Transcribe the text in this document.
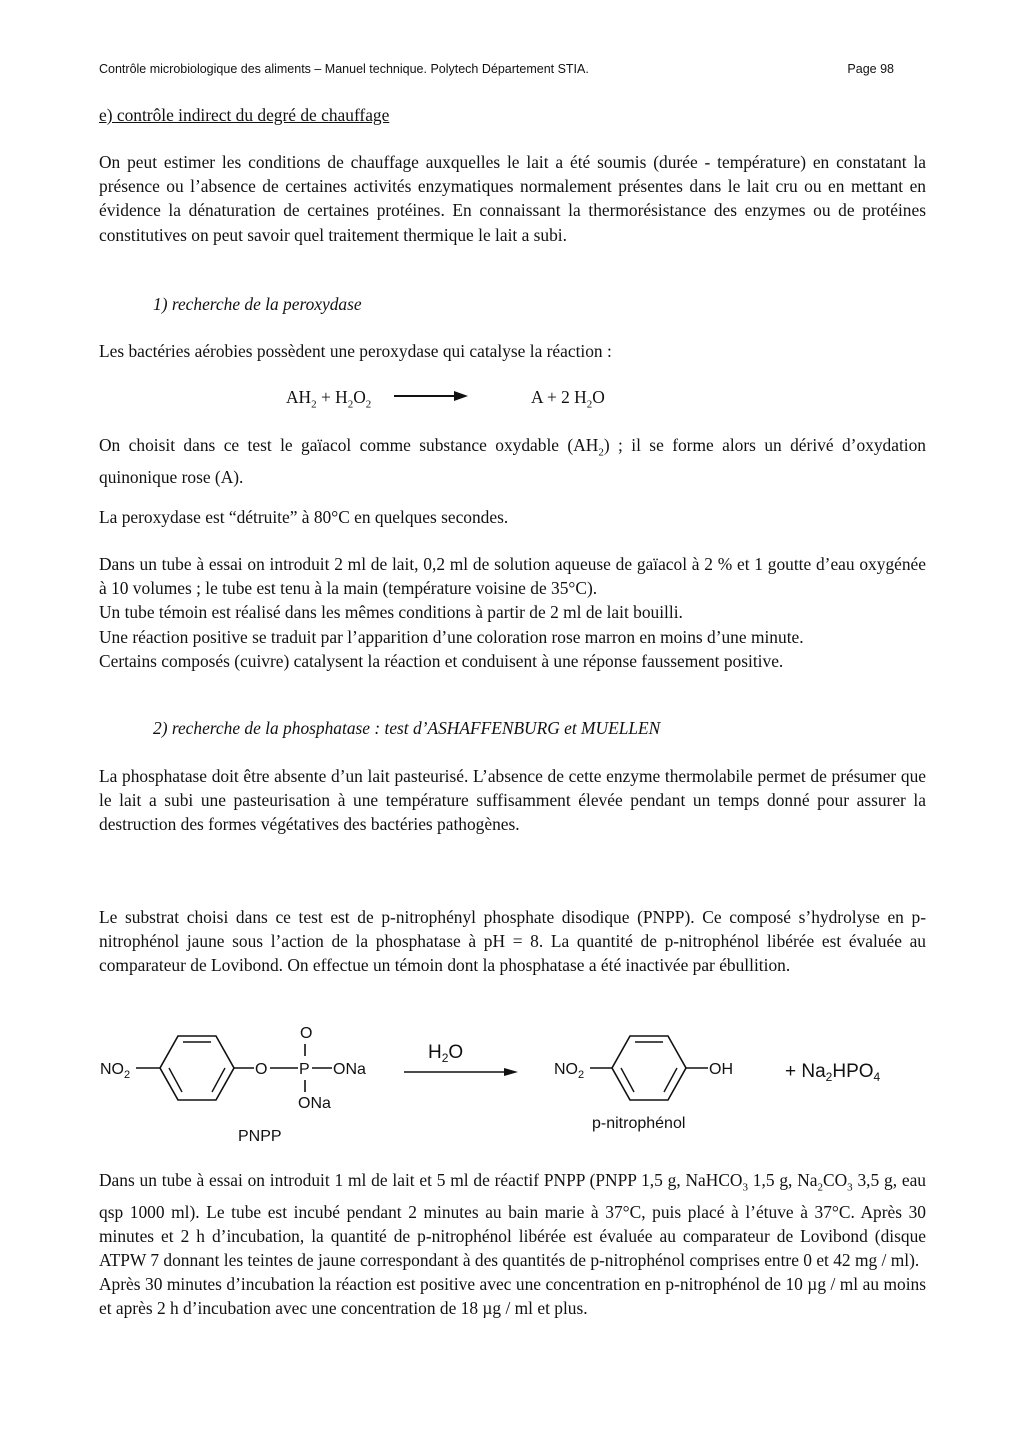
Contrôle microbiologique des aliments – Manuel technique. Polytech Département STIA.	Page 98

e) contrôle indirect du degré de chauffage

On peut estimer les conditions de chauffage auxquelles le lait a été soumis (durée - température) en constatant la présence ou l’absence de certaines activités enzymatiques normalement présentes dans le lait cru ou en mettant en évidence la dénaturation de certaines protéines. En connaissant la thermorésistance des enzymes ou de protéines constitutives on peut savoir quel traitement thermique le lait a subi.

1) recherche de la peroxydase

Les bactéries aérobies possèdent une peroxydase qui catalyse la réaction :

$AH_2 + H_2O_2$	A + 2 $H_2O$

On choisit dans ce test le gaïacol comme substance oxydable $(AH_2)$ ; il se forme alors un dérivé d’oxydation quinonique rose (A).

La peroxydase est “détruite” à 80°C en quelques secondes.

Dans un tube à essai on introduit 2 ml de lait, 0,2 ml de solution aqueuse de gaïacol à 2 % et 1 goutte d’eau oxygénée à 10 volumes ; le tube est tenu à la main (température voisine de 35°C).

Un tube témoin est réalisé dans les mêmes conditions à partir de 2 ml de lait bouilli.

Une réaction positive se traduit par l’apparition d’une coloration rose marron en moins d’une minute.

Certains composés (cuivre) catalysent la réaction et conduisent à une réponse faussement positive.

2) recherche de la phosphatase : test d’ASHAFFENBURG et MUELLEN

La phosphatase doit être absente d’un lait pasteurisé. L’absence de cette enzyme thermolabile permet de présumer que le lait a subi une pasteurisation à une température suffisamment élevée pendant un temps donné pour assurer la destruction des formes végétatives des bactéries pathogènes.

Le substrat choisi dans ce test est de p-nitrophényl phosphate disodique (PNPP). Ce composé s’hydrolyse en p-nitrophénol jaune sous l’action de la phosphatase à pH = 8. La quantité de p-nitrophénol libérée est évaluée au comparateur de Lovibond. On effectue un témoin dont la phosphatase a été inactivée par ébullition.

$NO_2$	O P
O
ONa
ONa
PNPP
$H_2O$
$NO_2$	OH
p-nitrophénol
+ $Na_2HPO_4$

Dans un tube à essai on introduit 1 ml de lait et 5 ml de réactif PNPP (PNPP 1,5 g, NaHCO$_3$ 1,5 g, $Na_2CO_3$ 3,5 g, eau qsp 1000 ml). Le tube est incubé pendant 2 minutes au bain marie à 37°C, puis placé à l’étuve à 37°C. Après 30 minutes et 2 h d’incubation, la quantité de p-nitrophénol libérée est évaluée au comparateur de Lovibond (disque ATPW 7 donnant les teintes de jaune correspondant à des quantités de p-nitrophénol comprises entre 0 et 42 mg / ml).

Après 30 minutes d’incubation la réaction est positive avec une concentration en p-nitrophénol de 10 µg / ml au moins et après 2 h d’incubation avec une concentration de 18 µg / ml et plus.
